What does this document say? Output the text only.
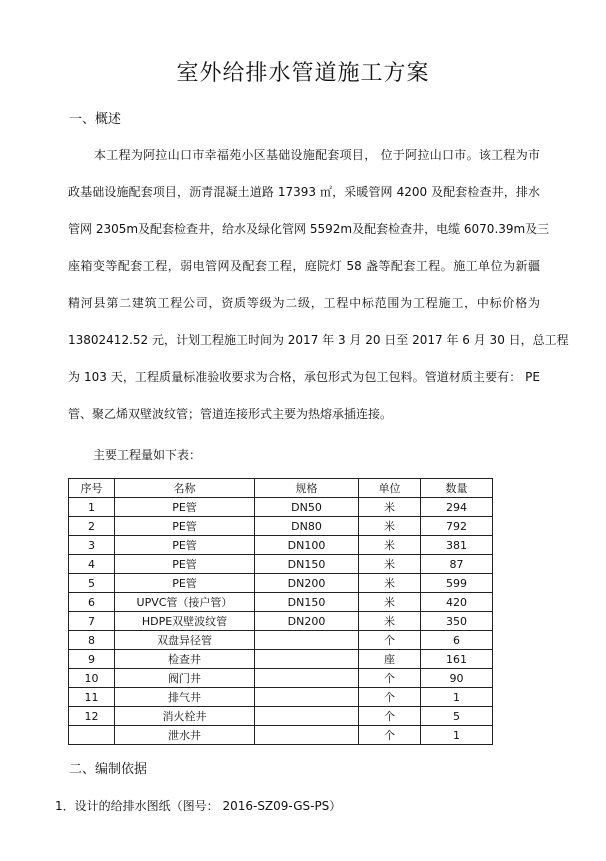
室外给排水管道施工方案
一、概述
本工程为阿拉山口市幸福苑小区基础设施配套项目， 位于阿拉山口市。该工程为市
政基础设施配套项目，沥青混凝土道路 17393 ㎡，采暖管网 4200 及配套检查井，排水
管网 2305m及配套检查井，给水及绿化管网 5592m及配套检查井，电缆 6070.39m及三
座箱变等配套工程，弱电管网及配套工程，庭院灯 58 盏等配套工程。施工单位为新疆
精河县第二建筑工程公司，资质等级为二级，工程中标范围为工程施工，中标价格为
13802412.52 元，计划工程施工时间为 2017 年 3 月 20 日至 2017 年 6 月 30 日，总工程
为 103 天，工程质量标准验收要求为合格，承包形式为包工包料。管道材质主要有： PE
管、聚乙烯双壁波纹管；管道连接形式主要为热熔承插连接。
主要工程量如下表：
序号	名称	规格	单位	数量
1	PE管	DN50	米	294
2	PE管	DN80	米	792
3	PE管	DN100	米	381
4	PE管	DN150	米	87
5	PE管	DN200	米	599
6	UPVC管（接户管）	DN150	米	420
7	HDPE双壁波纹管	DN200	米	350
8	双盘异径管		个	6
9	检查井		座	161
10	阀门井		个	90
11	排气井		个	1
12	消火栓井		个	5
	泄水井		个	1
二、编制依据
1．设计的给排水图纸（图号： 2016-SZ09-GS-PS）
